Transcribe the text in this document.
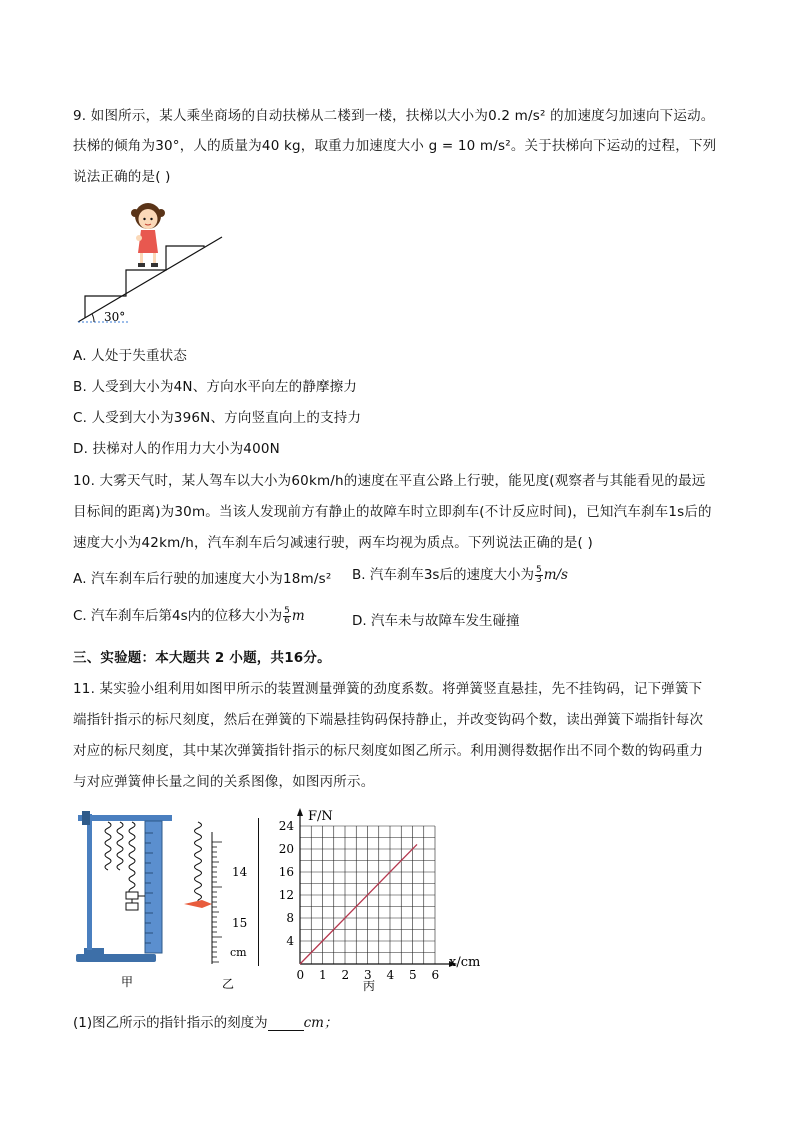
9. 如图所示，某人乘坐商场的自动扶梯从二楼到一楼，扶梯以大小为0.2 m/s² 的加速度匀加速向下运动。
扶梯的倾角为30°，人的质量为40 kg，取重力加速度大小 g = 10 m/s²。关于扶梯向下运动的过程，下列
说法正确的是( )
30°
A. 人处于失重状态
B. 人受到大小为4N、方向水平向左的静摩擦力
C. 人受到大小为396N、方向竖直向上的支持力
D. 扶梯对人的作用力大小为400N
10. 大雾天气时，某人驾车以大小为60km/h的速度在平直公路上行驶，能见度(观察者与其能看见的最远
目标间的距离)为30m。当该人发现前方有静止的故障车时立即刹车(不计反应时间)，已知汽车刹车1s后的
速度大小为42km/h，汽车刹车后匀减速行驶，两车均视为质点。下列说法正确的是( )
A. 汽车刹车后行驶的加速度大小为18m/s² B. 汽车刹车3s后的速度大小为 $\frac{5}{3} m/s$
C. 汽车刹车后第4s内的位移大小为 $\frac{5}{6}$ m	D. 汽车未与故障车发生碰撞
三、实验题：本大题共 2 小题，共16分。
11. 某实验小组利用如图甲所示的装置测量弹簧的劲度系数。将弹簧竖直悬挂，先不挂钩码，记下弹簧下
端指针指示的标尺刻度，然后在弹簧的下端悬挂钩码保持静止，并改变钩码个数，读出弹簧下端指针每次
对应的标尺刻度，其中某次弹簧指针指示的标尺刻度如图乙所示。利用测得数据作出不同个数的钩码重力
与对应弹簧伸长量之间的关系图像，如图丙所示。
甲
14
15
cm
乙
F/N
x/cm
0 1 2 3 4 5 6
4
8
12
16
20
24
丙
(1)图乙所示的指针指示的刻度为	cm；
